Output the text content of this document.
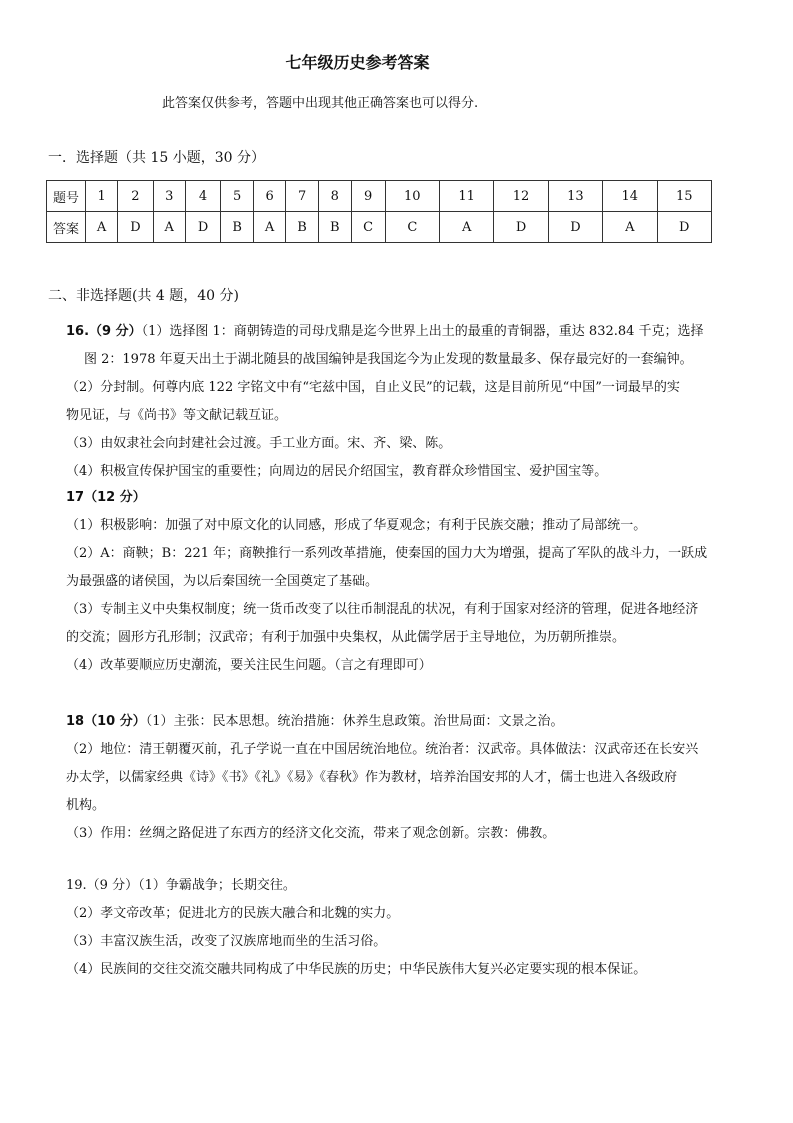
七年级历史参考答案
此答案仅供参考，答题中出现其他正确答案也可以得分.
一．选择题（共 15 小题，30 分）
题号	1	2	3	4	5	6	7	8	9	10	11	12	13	14	15
答案	A	D	A	D	B	A	B	B	C	C	A	D	D	A	D
二、非选择题(共 4 题，40 分)

16.（9 分）（1）选择图 1：商朝铸造的司母戊鼎是迄今世界上出土的最重的青铜器，重达 832.84 千克；选择

图 2：1978 年夏天出土于湖北随县的战国编钟是我国迄今为止发现的数量最多、保存最完好的一套编钟。

（2）分封制。何尊内底 122 字铭文中有“宅兹中国，自止义民”的记载，这是目前所见“中国”一词最早的实

物见证，与《尚书》等文献记载互证。

（3）由奴隶社会向封建社会过渡。手工业方面。宋、齐、梁、陈。

（4）积极宣传保护国宝的重要性；向周边的居民介绍国宝，教育群众珍惜国宝、爱护国宝等。

17（12 分）

（1）积极影响：加强了对中原文化的认同感，形成了华夏观念；有利于民族交融；推动了局部统一。

（2）A：商鞅；B：221 年；商鞅推行一系列改革措施，使秦国的国力大为增强，提高了军队的战斗力，一跃成

为最强盛的诸侯国，为以后秦国统一全国奠定了基础。

（3）专制主义中央集权制度；统一货币改变了以往币制混乱的状况，有利于国家对经济的管理，促进各地经济

的交流；圆形方孔形制；汉武帝；有利于加强中央集权，从此儒学居于主导地位，为历朝所推崇。

（4）改革要顺应历史潮流，要关注民生问题。（言之有理即可）

18（10 分）（1）主张：民本思想。统治措施：休养生息政策。治世局面：文景之治。

（2）地位：清王朝覆灭前，孔子学说一直在中国居统治地位。统治者：汉武帝。具体做法：汉武帝还在长安兴

办太学，以儒家经典《诗》《书》《礼》《易》《春秋》作为教材，培养治国安邦的人才，儒士也进入各级政府

机构。

（3）作用：丝绸之路促进了东西方的经济文化交流，带来了观念创新。宗教：佛教。

19.（9 分）（1）争霸战争；长期交往。

（2）孝文帝改革；促进北方的民族大融合和北魏的实力。

（3）丰富汉族生活，改变了汉族席地而坐的生活习俗。

（4）民族间的交往交流交融共同构成了中华民族的历史；中华民族伟大复兴必定要实现的根本保证。
